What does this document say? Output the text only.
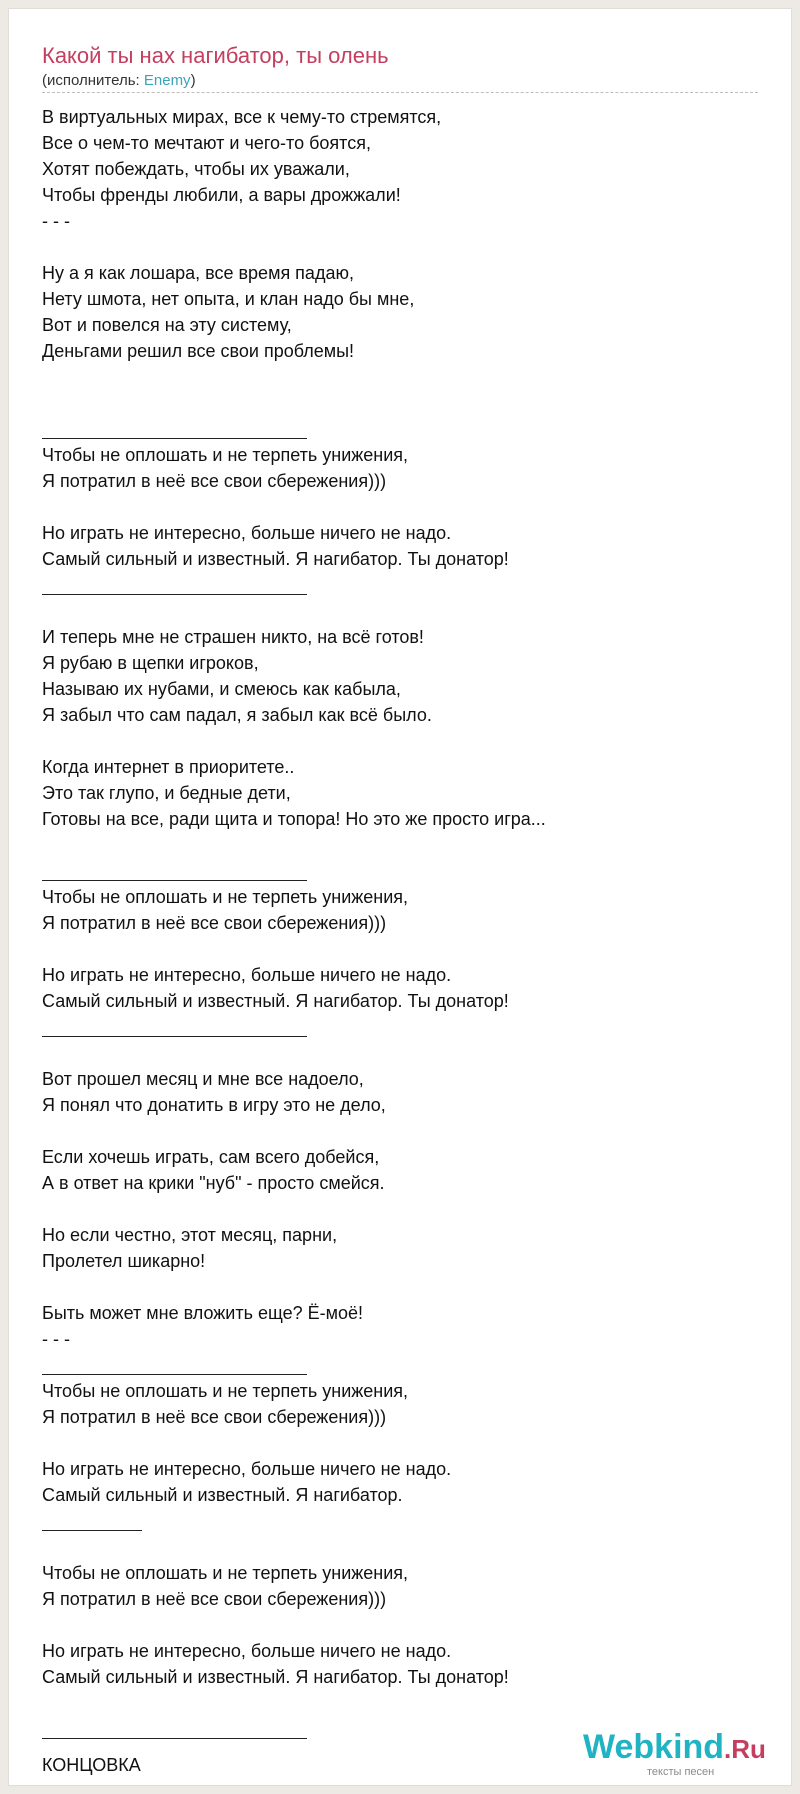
Какой ты нах нагибатор, ты олень
(исполнитель: Enemy)
В виртуальных мирах, все к чему-то стремятся,
Все о чем-то мечтают и чего-то боятся,
Хотят побеждать, чтобы их уважали,
Чтобы френды любили, а вары дрожжали!
- - -
Ну а я как лошара, все время падаю,
Нету шмота, нет опыта, и клан надо бы мне,
Вот и повелся на эту систему,
Деньгами решил все свои проблемы!
Чтобы не оплошать и не терпеть унижения,
Я потратил в неё все свои сбережения)))
Но играть не интересно, больше ничего не надо.
Самый сильный и известный. Я нагибатор. Ты донатор!
И теперь мне не страшен никто, на всё готов!
Я рубаю в щепки игроков,
Называю их нубами, и смеюсь как кабыла,
Я забыл что сам падал, я забыл как всё было.
Когда интернет в приоритете..
Это так глупо, и бедные дети,
Готовы на все, ради щита и топора! Но это же просто игра...
Чтобы не оплошать и не терпеть унижения,
Я потратил в неё все свои сбережения)))
Но играть не интересно, больше ничего не надо.
Самый сильный и известный. Я нагибатор. Ты донатор!
Вот прошел месяц и мне все надоело,
Я понял что донатить в игру это не дело,
Если хочешь играть, сам всего добейся,
А в ответ на крики "нуб" - просто смейся.
Но если честно, этот месяц, парни,
Пролетел шикарно!
Быть может мне вложить еще? Ё-моё!
- - -
Чтобы не оплошать и не терпеть унижения,
Я потратил в неё все свои сбережения)))
Но играть не интересно, больше ничего не надо.
Самый сильный и известный. Я нагибатор.
Чтобы не оплошать и не терпеть унижения,
Я потратил в неё все свои сбережения)))
Но играть не интересно, больше ничего не надо.
Самый сильный и известный. Я нагибатор. Ты донатор!
КОНЦОВКА	Webkind.Ru
тексты песен
